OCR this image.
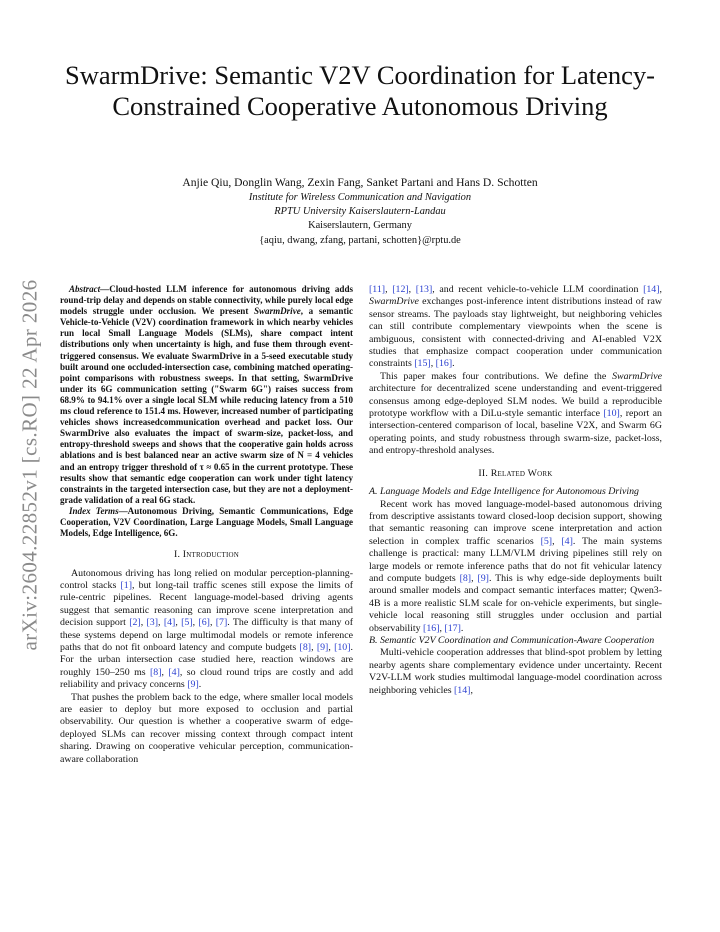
SwarmDrive: Semantic V2V Coordination for Latency-Constrained Cooperative Autonomous Driving
Anjie Qiu, Donglin Wang, Zexin Fang, Sanket Partani and Hans D. Schotten
Institute for Wireless Communication and Navigation
RPTU University Kaiserslautern-Landau
Kaiserslautern, Germany
{aqiu, dwang, zfang, partani, schotten}@rptu.de
arXiv:2604.22852v1 [cs.RO] 22 Apr 2026	Abstract—Cloud-hosted LLM inference for autonomous driving adds round-trip delay and depends on stable connectivity, while purely local edge models struggle under occlusion. We present SwarmDrive, a semantic Vehicle-to-Vehicle (V2V) coordination framework in which nearby vehicles run local Small Language Models (SLMs), share compact intent distributions only when uncertainty is high, and fuse them through event-triggered consensus. We evaluate SwarmDrive in a 5-seed executable study built around one occluded-intersection case, combining matched operating-point comparisons with robustness sweeps. In that setting, SwarmDrive under its 6G communication setting ("Swarm 6G") raises success from 68.9% to 94.1% over a single local SLM while reducing latency from a 510 ms cloud reference to 151.4 ms. However, increased number of participating vehicles shows increasedcommunication overhead and packet loss. Our SwarmDrive also evaluates the impact of swarm-size, packet-loss, and entropy-threshold sweeps and shows that the cooperative gain holds across ablations and is best balanced near an active swarm size of N = 4 vehicles and an entropy trigger threshold of τ ≈ 0.65 in the current prototype. These results show that semantic edge cooperation can work under tight latency constraints in the targeted intersection case, but they are not a deployment-grade validation of a real 6G stack.

Index Terms—Autonomous Driving, Semantic Communications, Edge Cooperation, V2V Coordination, Large Language Models, Small Language Models, Edge Intelligence, 6G.

I. Introduction

Autonomous driving has long relied on modular perception-planning-control stacks [1], but long-tail traffic scenes still expose the limits of rule-centric pipelines. Recent language-model-based driving agents suggest that semantic reasoning can improve scene interpretation and decision support [2], [3], [4], [5], [6], [7]. The difficulty is that many of these systems depend on large multimodal models or remote inference paths that do not fit onboard latency and compute budgets [8], [9], [10]. For the urban intersection case studied here, reaction windows are roughly 150–250 ms [8], [4], so cloud round trips are costly and add reliability and privacy concerns [9].

That pushes the problem back to the edge, where smaller local models are easier to deploy but more exposed to occlusion and partial observability. Our question is whether a cooperative swarm of edge-deployed SLMs can recover missing context through compact intent sharing. Drawing on cooperative vehicular perception, communication-aware collaboration

[11], [12], [13], and recent vehicle-to-vehicle LLM coordination [14], SwarmDrive exchanges post-inference intent distributions instead of raw sensor streams. The payloads stay lightweight, but neighboring vehicles can still contribute complementary viewpoints when the scene is ambiguous, consistent with connected-driving and AI-enabled V2X studies that emphasize compact cooperation under communication constraints [15], [16].

This paper makes four contributions. We define the SwarmDrive architecture for decentralized scene understanding and event-triggered consensus among edge-deployed SLM nodes. We build a reproducible prototype workflow with a DiLu-style semantic interface [10], report an intersection-centered comparison of local, baseline V2X, and Swarm 6G operating points, and study robustness through swarm-size, packet-loss, and entropy-threshold analyses.

II. Related Work

A. Language Models and Edge Intelligence for Autonomous Driving

Recent work has moved language-model-based autonomous driving from descriptive assistants toward closed-loop decision support, showing that semantic reasoning can improve scene interpretation and action selection in complex traffic scenarios [5], [4]. The main systems challenge is practical: many LLM/VLM driving pipelines still rely on large models or remote inference paths that do not fit vehicular latency and compute budgets [8], [9]. This is why edge-side deployments built around smaller models and compact semantic interfaces matter; Qwen3-4B is a more realistic SLM scale for on-vehicle experiments, but single-vehicle local reasoning still struggles under occlusion and partial observability [16], [17].

B. Semantic V2V Coordination and Communication-Aware Cooperation

Multi-vehicle cooperation addresses that blind-spot problem by letting nearby agents share complementary evidence under uncertainty. Recent V2V-LLM work studies multimodal language-model coordination across neighboring vehicles [14],
